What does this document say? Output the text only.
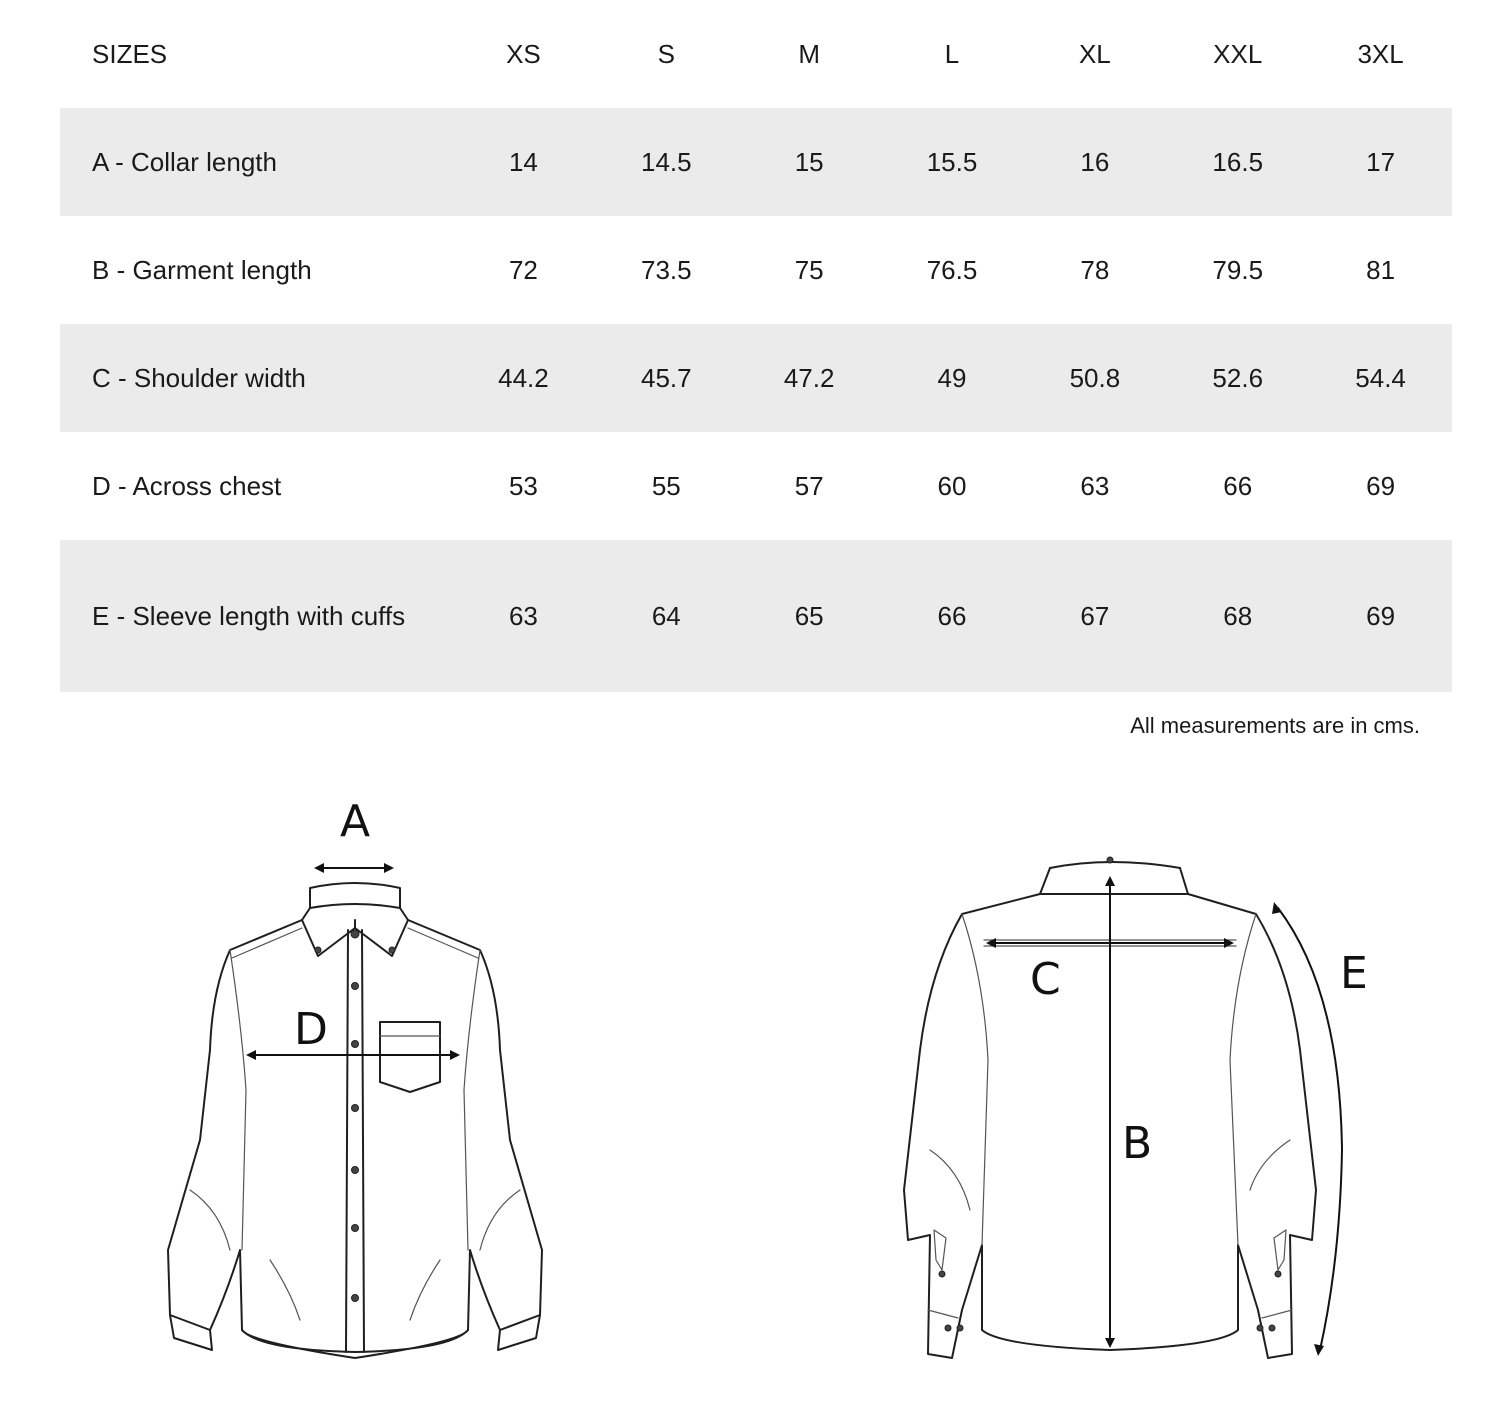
SIZES	XS	S	M	L	XL	XXL	3XL
A - Collar length	14	14.5	15	15.5	16	16.5	17
B - Garment length	72	73.5	75	76.5	78	79.5	81
C - Shoulder width	44.2	45.7	47.2	49	50.8	52.6	54.4
D - Across chest	53	55	57	60	63	66	69
E - Sleeve length with cuffs	63	64	65	66	67	68	69
All measurements are in cms.
A
D
C
B
E
